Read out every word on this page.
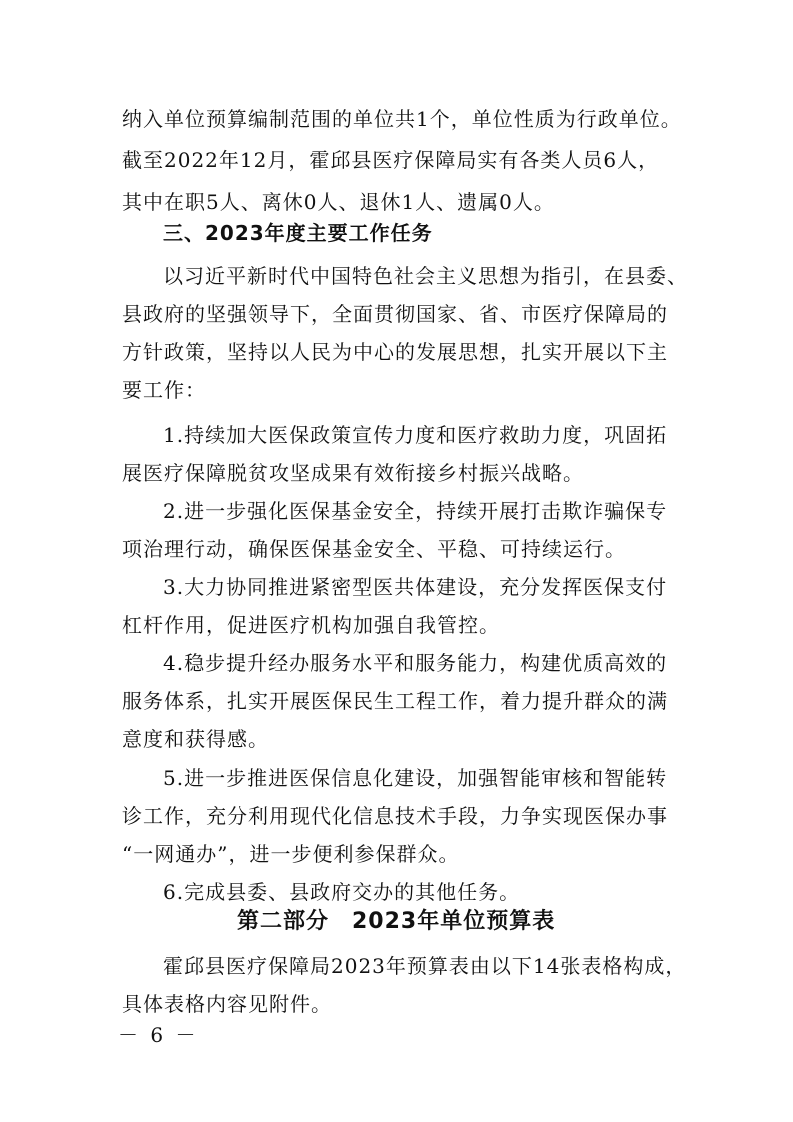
纳入单位预算编制范围的单位共1个，单位性质为行政单位。
截至2022年12月，霍邱县医疗保障局实有各类人员6人，
其中在职5人、离休0人、退休1人、遗属0人。
三、2023年度主要工作任务
以习近平新时代中国特色社会主义思想为指引，在县委、
县政府的坚强领导下，全面贯彻国家、省、市医疗保障局的
方针政策，坚持以人民为中心的发展思想，扎实开展以下主
要工作：
1.持续加大医保政策宣传力度和医疗救助力度，巩固拓
展医疗保障脱贫攻坚成果有效衔接乡村振兴战略。
2.进一步强化医保基金安全，持续开展打击欺诈骗保专
项治理行动，确保医保基金安全、平稳、可持续运行。
3.大力协同推进紧密型医共体建设，充分发挥医保支付
杠杆作用，促进医疗机构加强自我管控。
4.稳步提升经办服务水平和服务能力，构建优质高效的
服务体系，扎实开展医保民生工程工作，着力提升群众的满
意度和获得感。
5.进一步推进医保信息化建设，加强智能审核和智能转
诊工作，充分利用现代化信息技术手段，力争实现医保办事
“一网通办”，进一步便利参保群众。
6.完成县委、县政府交办的其他任务。
第二部分　2023年单位预算表
霍邱县医疗保障局2023年预算表由以下14张表格构成，
具体表格内容见附件。
－ 6 －
